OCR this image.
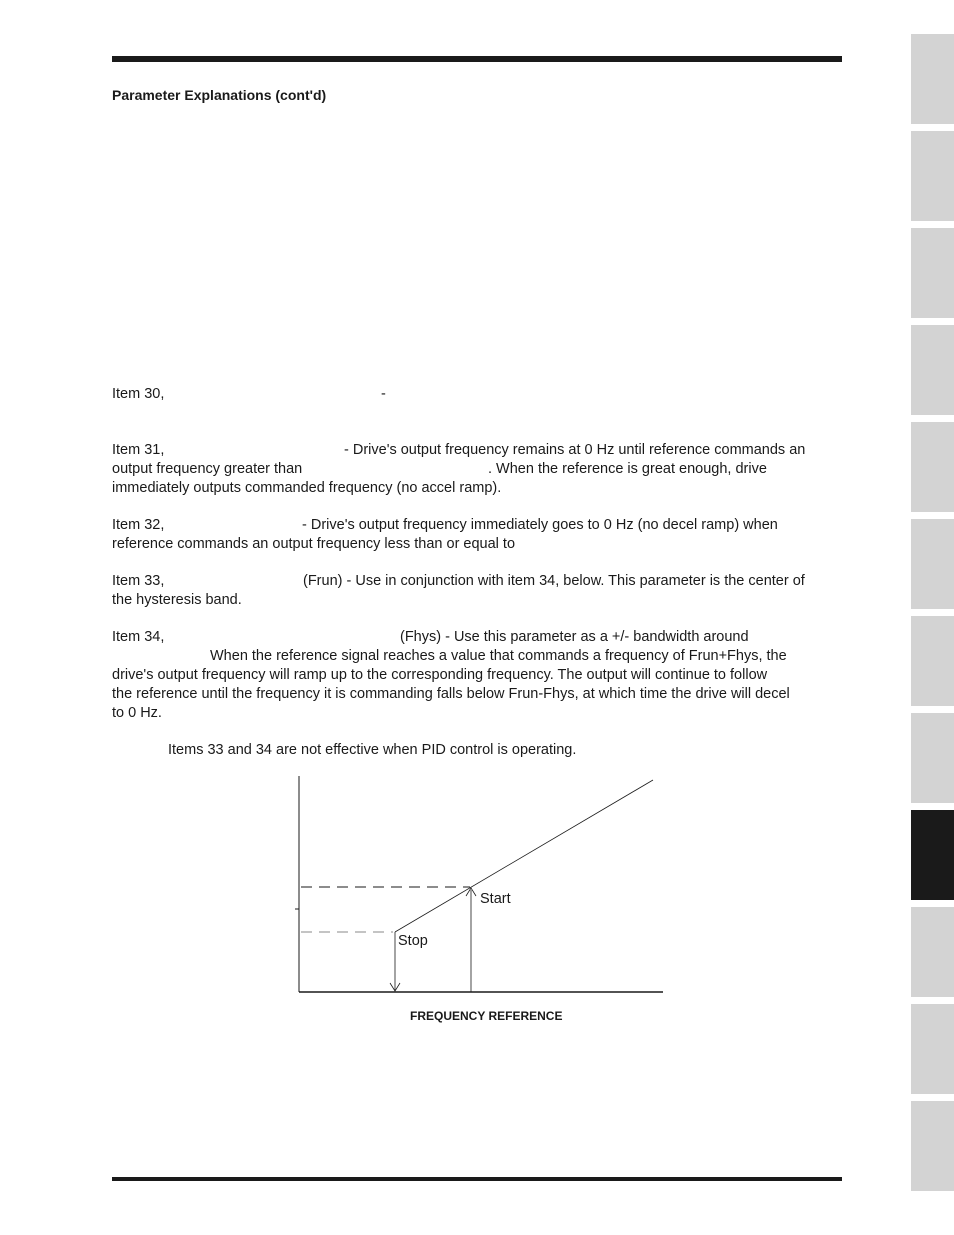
Parameter Explanations (cont'd)
Item 30,	-
Item 31,	- Drive's output frequency remains at 0 Hz until reference commands an
output frequency greater than	. When the reference is great enough, drive
immediately outputs commanded frequency (no accel ramp).
Item 32,	- Drive's output frequency immediately goes to 0 Hz (no decel ramp) when
reference commands an output frequency less than or equal to
Item 33,	(Frun) - Use in conjunction with item 34, below. This parameter is the center of
the hysteresis band.
Item 34,	(Fhys) - Use this parameter as a +/- bandwidth around
When the reference signal reaches a value that commands a frequency of Frun+Fhys, the
drive's output frequency will ramp up to the corresponding frequency. The output will continue to follow
the reference until the frequency it is commanding falls below Frun-Fhys, at which time the drive will decel
to 0 Hz.
Items 33 and 34 are not effective when PID control is operating.
Start
Stop
FREQUENCY REFERENCE
